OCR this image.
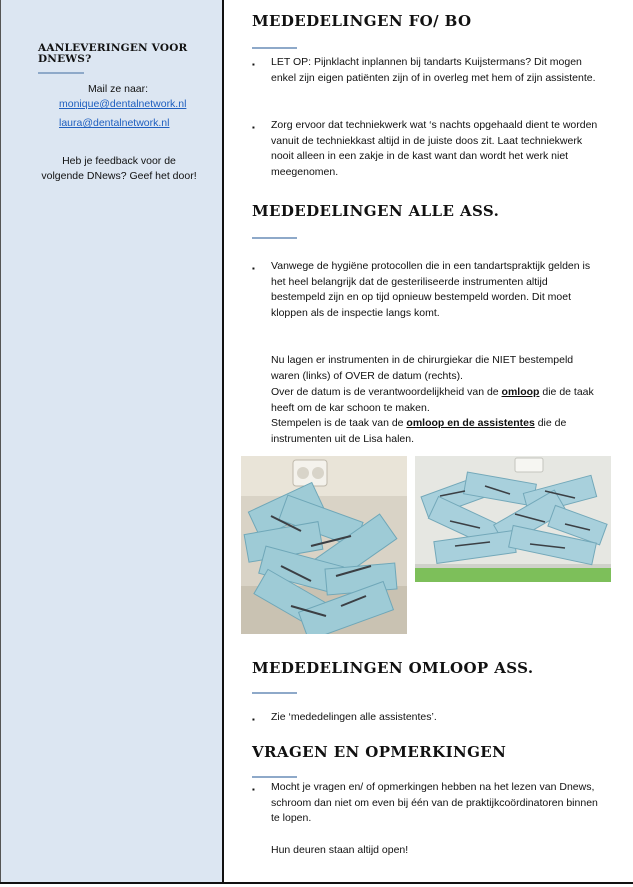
AANLEVERINGEN VOOR DNEWS?
Mail ze naar:
monique@dentalnetwork.nl
laura@dentalnetwork.nl
Heb je feedback voor de volgende DNews? Geef het door!
MEDEDELINGEN FO/ BO
▪ LET OP: Pijnklacht inplannen bij tandarts Kuijstermans? Dit mogen enkel zijn eigen patiënten zijn of in overleg met hem of zijn assistente.
▪ Zorg ervoor dat techniekwerk wat ‘s nachts opgehaald dient te worden vanuit de techniekkast altijd in de juiste doos zit. Laat techniekwerk nooit alleen in een zakje in de kast want dan wordt het werk niet meegenomen.
MEDEDELINGEN ALLE ASS.
▪ Vanwege de hygiëne protocollen die in een tandartspraktijk gelden is het heel belangrijk dat de gesteriliseerde instrumenten altijd bestempeld zijn en op tijd opnieuw bestempeld worden. Dit moet kloppen als de inspectie langs komt.
Nu lagen er instrumenten in de chirurgiekar die NIET bestempeld waren (links) of OVER de datum (rechts).
Over de datum is de verantwoordelijkheid van de omloop die de taak heeft om de kar schoon te maken.
Stempelen is de taak van de omloop en de assistentes die de instrumenten uit de Lisa halen.
MEDEDELINGEN OMLOOP ASS.
▪ Zie ‘mededelingen alle assistentes’.
VRAGEN EN OPMERKINGEN
▪ Mocht je vragen en/ of opmerkingen hebben na het lezen van Dnews, schroom dan niet om even bij één van de praktijkcoördinatoren binnen te lopen.
Hun deuren staan altijd open!
